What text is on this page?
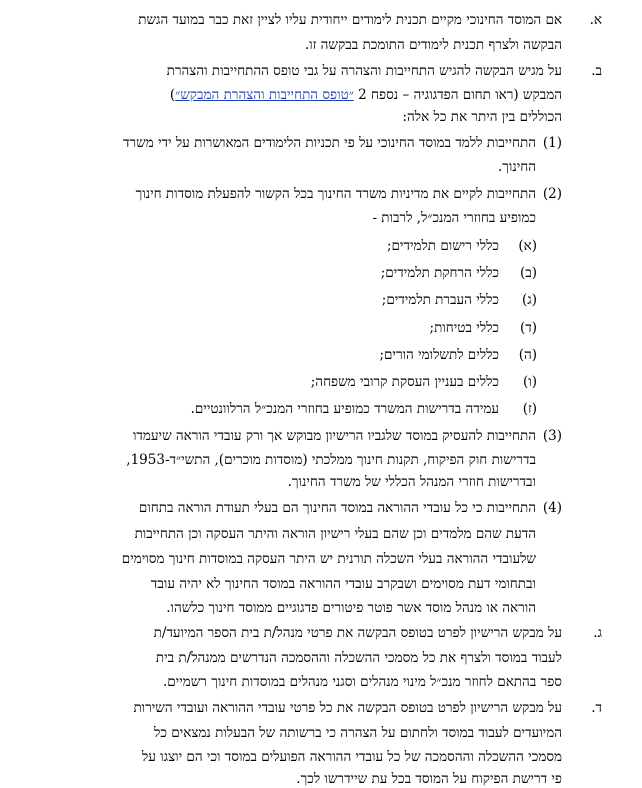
א.
אם המוסד החינוכי מקיים תכנית לימודים ייחודית עליו לציין זאת כבר במועד הגשת
הבקשה ולצרף תכנית לימודים התומכת בבקשה זו.
ב.
על מגיש הבקשה להגיש התחייבות והצהרה על גבי טופס ההתחייבות והצהרת
המבקש (ראו תחום הפדגוגיה – נספח 2 ״טופס התחייבות והצהרת המבקש״)
הכוללים בין היתר את כל אלה:
(1)
התחייבות ללמד במוסד החינוכי על פי תכניות הלימודים המאושרות על ידי משרד
החינוך.
(2)
התחייבות לקיים את מדיניות משרד החינוך בכל הקשור להפעלת מוסדות חינוך
כמופיע בחוזרי המנכ״ל, לרבות -
(א)
כללי רישום תלמידים;
(ב)
כללי הרחקת תלמידים;
(ג)
כללי העברת תלמידים;
(ד)
כללי בטיחות;
(ה)
כללים לתשלומי הורים;
(ו)
כללים בעניין העסקת קרובי משפחה;
(ז)
עמידה בדרישות המשרד כמופיע בחוזרי המנכ״ל הרלוונטיים.
(3)
התחייבות להעסיק במוסד שלגביו הרישיון מבוקש אך ורק עובדי הוראה שיעמדו
בדרישות חוק הפיקוח, תקנות חינוך ממלכתי (מוסדות מוכרים), התשי״ד-1953,
ובדרישות חוזרי המנהל הכללי של משרד החינוך.
(4)
התחייבות כי כל עובדי ההוראה במוסד החינוך הם בעלי תעודת הוראה בתחום
הדעת שהם מלמדים וכן שהם בעלי רישיון הוראה והיתר העסקה וכן התחייבות
שלעובדי ההוראה בעלי השכלה תורנית יש היתר העסקה במוסדות חינוך מסוימים
ובתחומי דעת מסוימים ושבקרב עובדי ההוראה במוסד החינוך לא יהיה עובד
הוראה או מנהל מוסד אשר פוטר פיטורים פדגוגיים ממוסד חינוך כלשהו.
ג.
על מבקש הרישיון לפרט בטופס הבקשה את פרטי מנהל/ת בית הספר המיועד/ת
לעבוד במוסד ולצרף את כל מסמכי ההשכלה וההסמכה הנדרשים ממנהל/ת בית
ספר בהתאם לחוזר מנכ״ל מינוי מנהלים וסגני מנהלים במוסדות חינוך רשמיים.
ד.
על מבקש הרישיון לפרט בטופס הבקשה את כל פרטי עובדי ההוראה ועובדי השירות
המיועדים לעבוד במוסד ולחתום על הצהרה כי ברשותה של הבעלות נמצאים כל
מסמכי ההשכלה וההסמכה של כל עובדי ההוראה הפועלים במוסד וכי הם יוצגו על
פי דרישת הפיקוח על המוסד בכל עת שיידרשו לכך.
